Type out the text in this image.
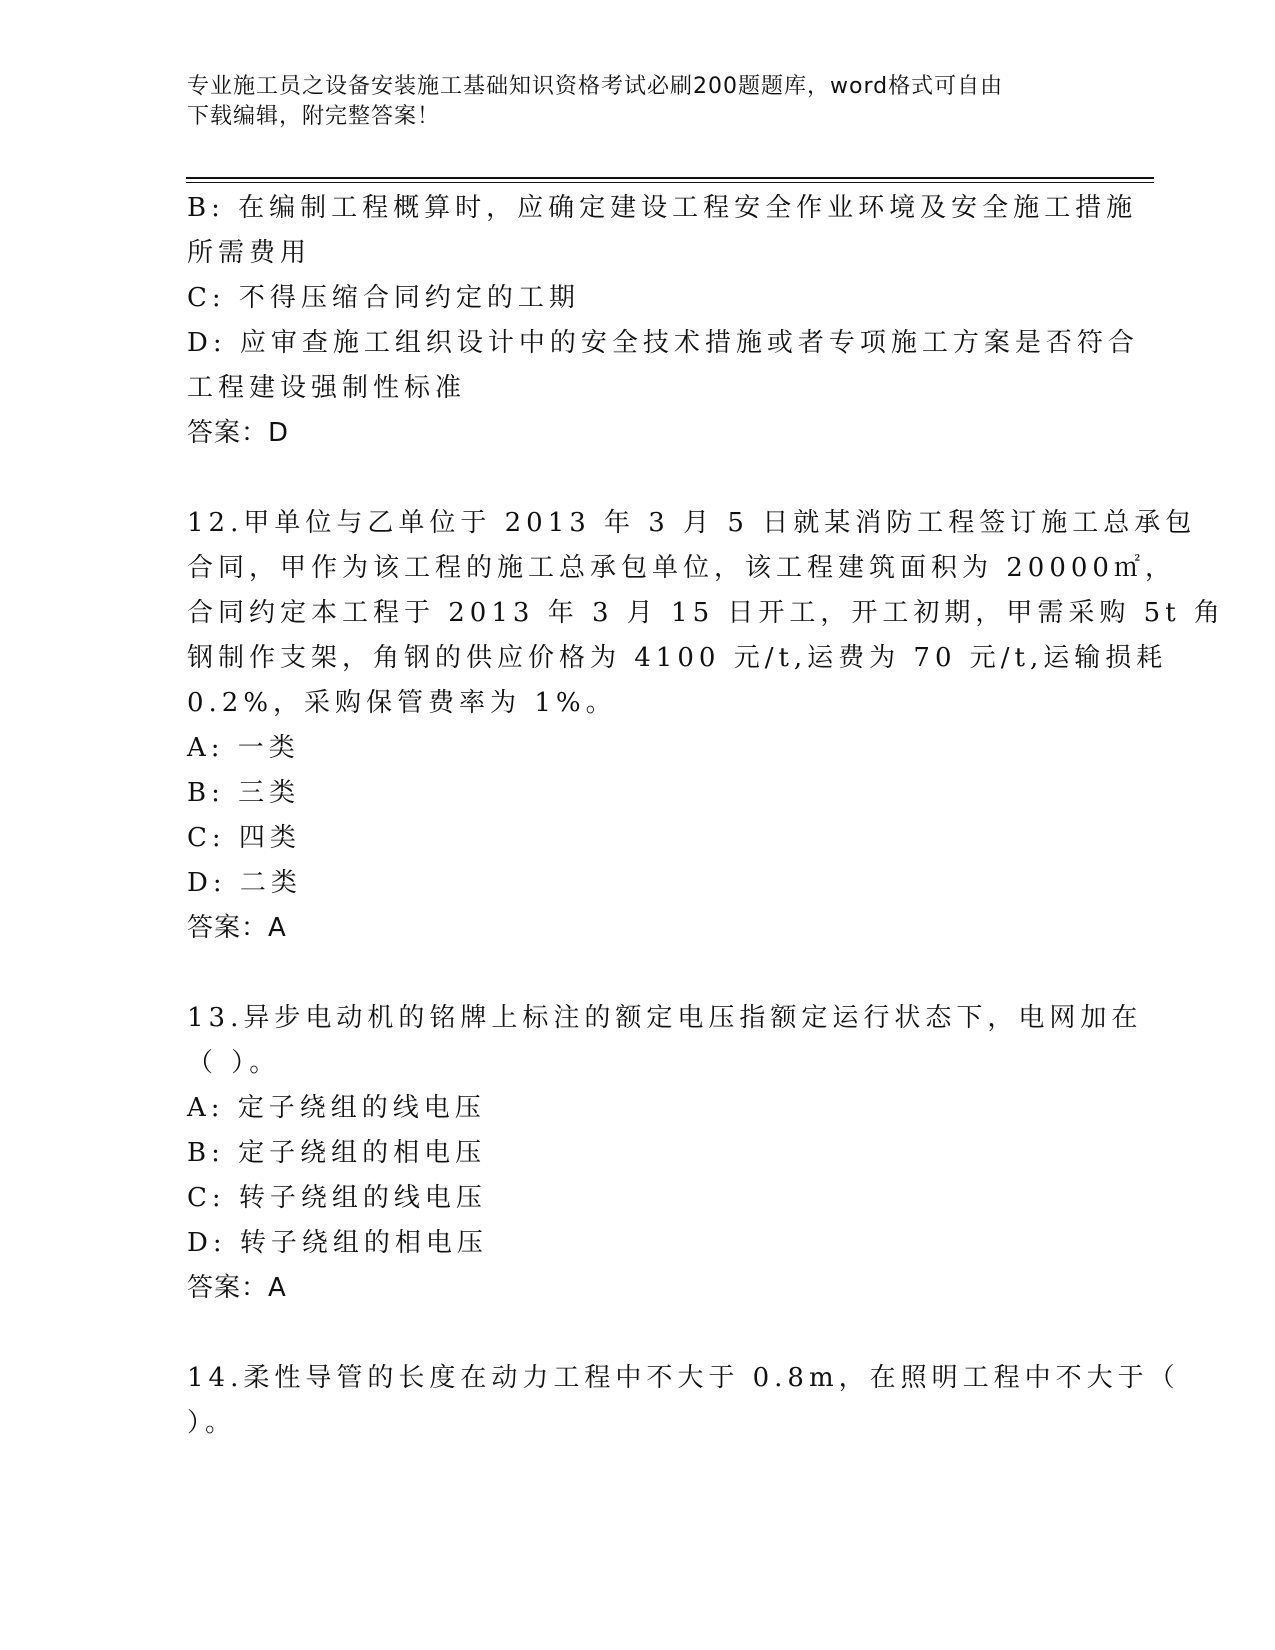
专业施工员之设备安装施工基础知识资格考试必刷200题题库，word格式可自由
下载编辑，附完整答案！
B: 在编制工程概算时，应确定建设工程安全作业环境及安全施工措施
所需费用
C: 不得压缩合同约定的工期
D: 应审查施工组织设计中的安全技术措施或者专项施工方案是否符合
工程建设强制性标准
答案：D
12.甲单位与乙单位于 2013 年 3 月 5 日就某消防工程签订施工总承包
合同，甲作为该工程的施工总承包单位，该工程建筑面积为 20000㎡，
合同约定本工程于 2013 年 3 月 15 日开工，开工初期，甲需采购 5t 角
钢制作支架，角钢的供应价格为 4100 元/t,运费为 70 元/t,运输损耗
0.2%，采购保管费率为 1%。
A: 一类
B: 三类
C: 四类
D: 二类
答案：A
13.异步电动机的铭牌上标注的额定电压指额定运行状态下，电网加在
（ ）。
A: 定子绕组的线电压
B: 定子绕组的相电压
C: 转子绕组的线电压
D: 转子绕组的相电压
答案：A
14.柔性导管的长度在动力工程中不大于 0.8m，在照明工程中不大于（
）。
